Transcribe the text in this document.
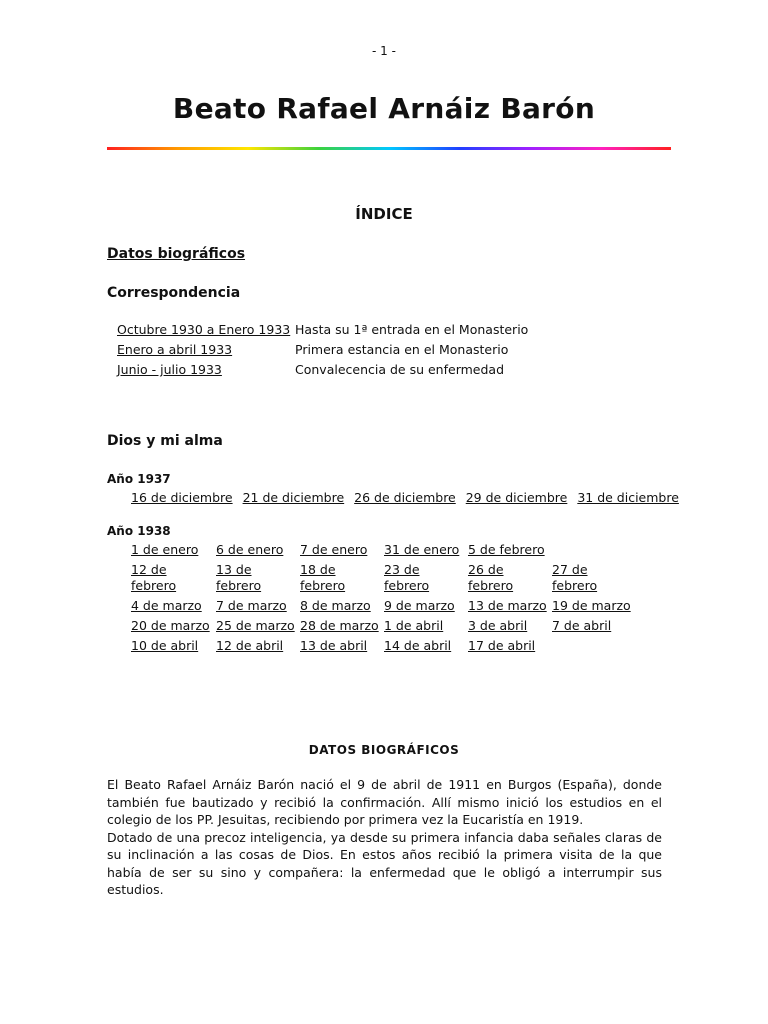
- 1 -
Beato Rafael Arnáiz Barón
ÍNDICE
Datos biográficos
Correspondencia
Octubre 1930 a Enero 1933 Hasta su 1ª entrada en el Monasterio
Enero a abril 1933	Primera estancia en el Monasterio
Junio - julio 1933	Convalecencia de su enfermedad
Dios y mi alma
Año 1937
16 de diciembre 21 de diciembre 26 de diciembre 29 de diciembre 31 de diciembre
Año 1938
1 de enero	6 de enero	7 de enero	31 de enero	5 de febrero	
12 de febrero	13 de febrero	18 de febrero	23 de febrero	26 de febrero	27 de febrero
4 de marzo	7 de marzo	8 de marzo	9 de marzo	13 de marzo	19 de marzo
20 de marzo	25 de marzo	28 de marzo	1 de abril	3 de abril	7 de abril
10 de abril	12 de abril	13 de abril	14 de abril	17 de abril	
DATOS BIOGRÁFICOS

El Beato Rafael Arnáiz Barón nació el 9 de abril de 1911 en Burgos (España), donde también fue bautizado y recibió la confirmación. Allí mismo inició los estudios en el colegio de los PP. Jesuitas, recibiendo por primera vez la Eucaristía en 1919.

Dotado de una precoz inteligencia, ya desde su primera infancia daba señales claras de su inclinación a las cosas de Dios. En estos años recibió la primera visita de la que había de ser su sino y compañera: la enfermedad que le obligó a interrumpir sus estudios.
